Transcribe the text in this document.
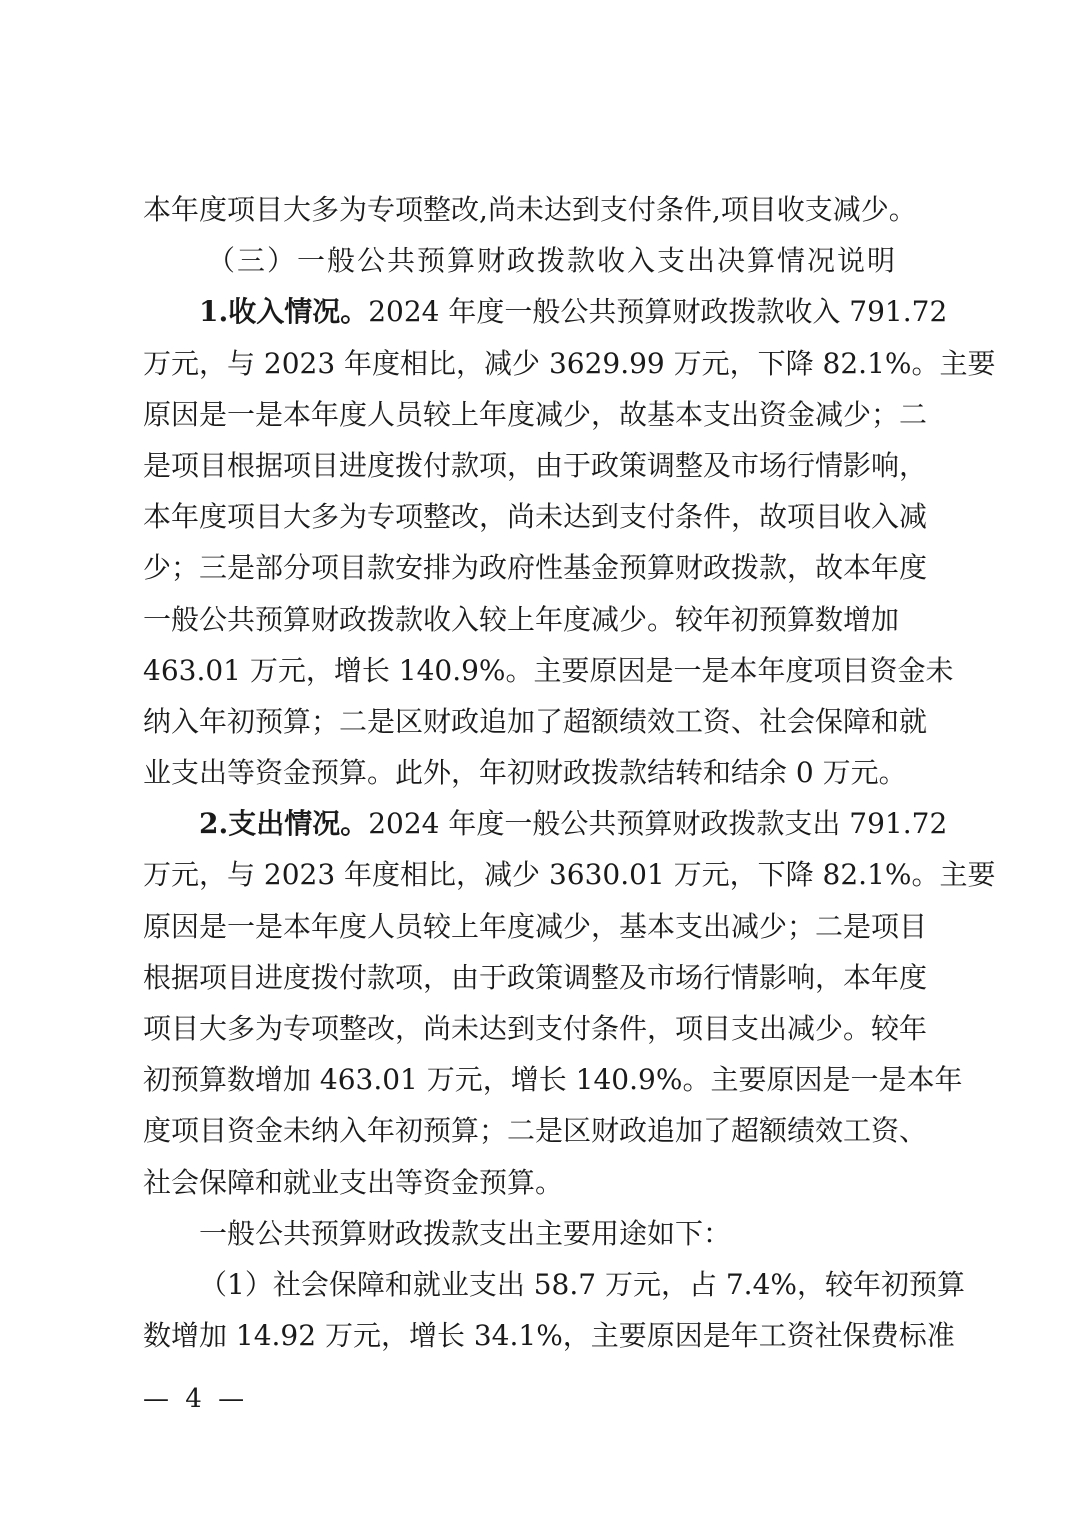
本年度项目大多为专项整改,尚未达到支付条件,项目收支减少。
（三）一般公共预算财政拨款收入支出决算情况说明
1.收入情况。2024 年度一般公共预算财政拨款收入 791.72
万元，与 2023 年度相比，减少 3629.99 万元，下降 82.1%。主要
原因是一是本年度人员较上年度减少，故基本支出资金减少；二
是项目根据项目进度拨付款项，由于政策调整及市场行情影响，
本年度项目大多为专项整改，尚未达到支付条件，故项目收入减
少；三是部分项目款安排为政府性基金预算财政拨款，故本年度
一般公共预算财政拨款收入较上年度减少。较年初预算数增加
463.01 万元，增长 140.9%。主要原因是一是本年度项目资金未
纳入年初预算；二是区财政追加了超额绩效工资、社会保障和就
业支出等资金预算。此外，年初财政拨款结转和结余 0 万元。
2.支出情况。2024 年度一般公共预算财政拨款支出 791.72
万元，与 2023 年度相比，减少 3630.01 万元，下降 82.1%。主要
原因是一是本年度人员较上年度减少，基本支出减少；二是项目
根据项目进度拨付款项，由于政策调整及市场行情影响，本年度
项目大多为专项整改，尚未达到支付条件，项目支出减少。较年
初预算数增加 463.01 万元，增长 140.9%。主要原因是一是本年
度项目资金未纳入年初预算；二是区财政追加了超额绩效工资、
社会保障和就业支出等资金预算。
一般公共预算财政拨款支出主要用途如下：
（1）社会保障和就业支出 58.7 万元，占 7.4%，较年初预算
数增加 14.92 万元，增长 34.1%，主要原因是年工资社保费标准
— 4 —
